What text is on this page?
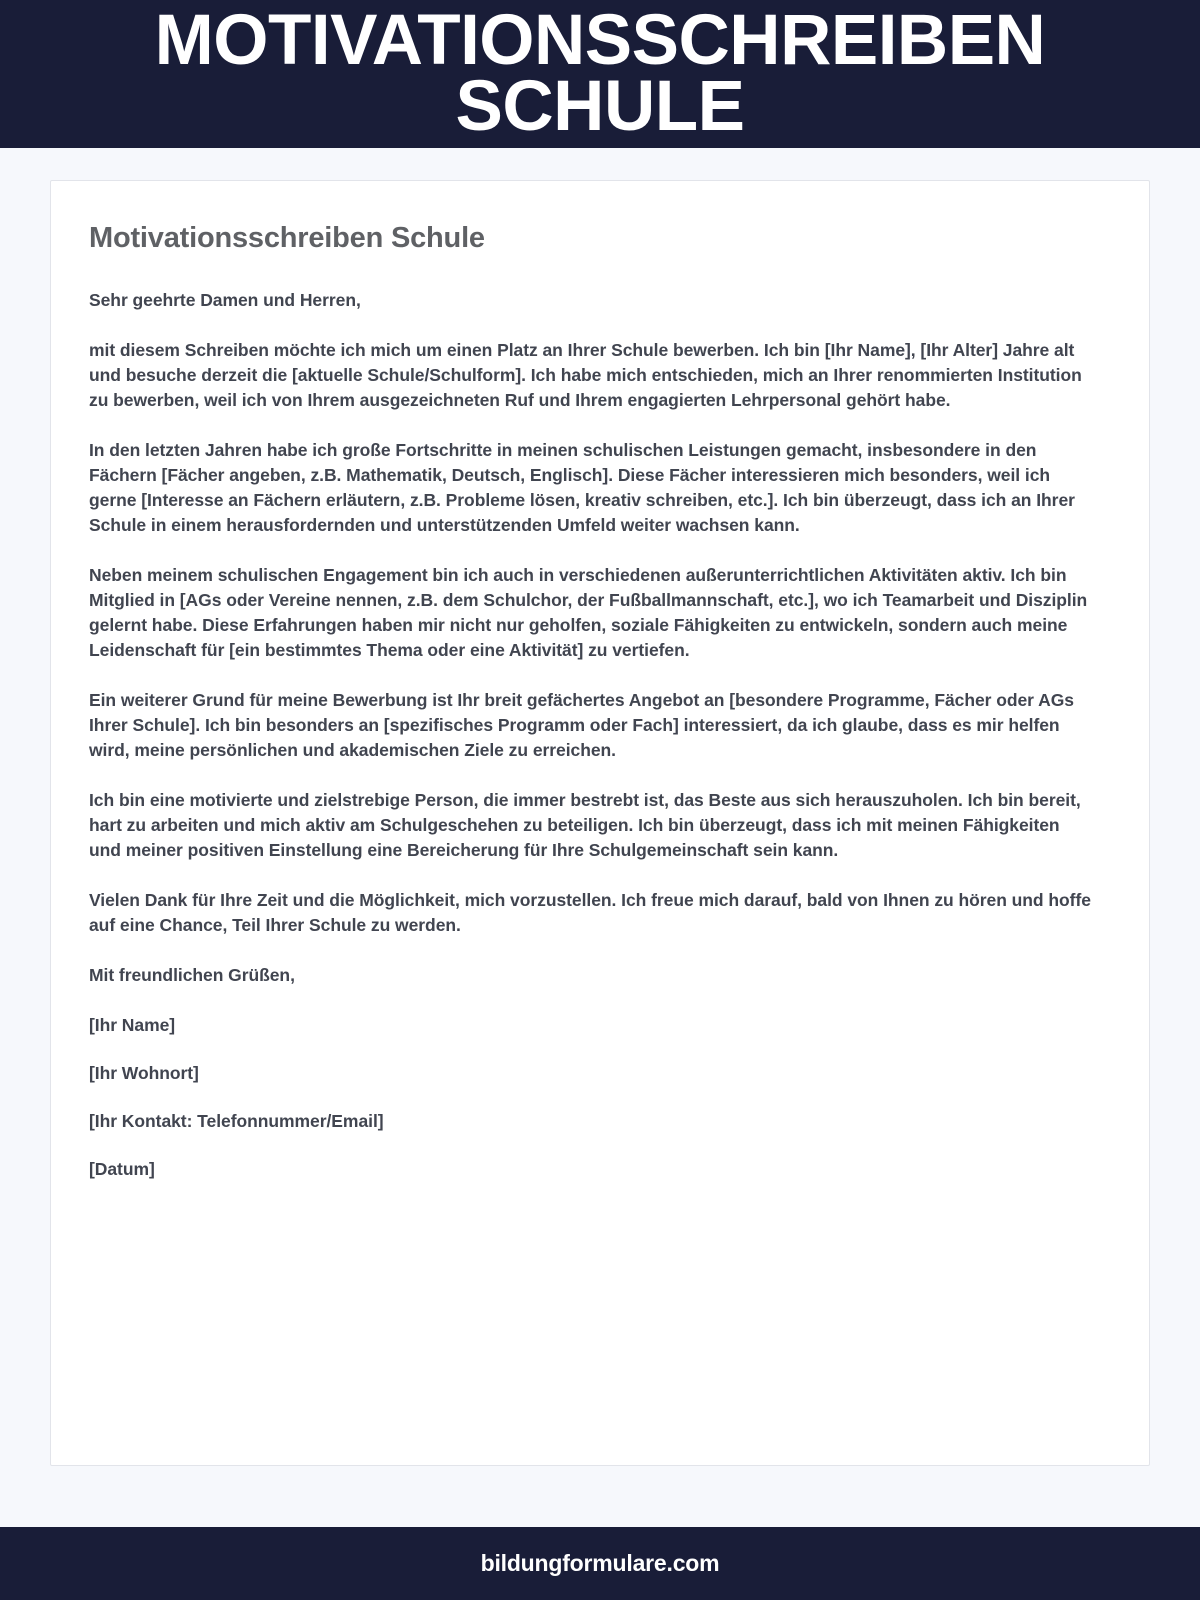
MOTIVATIONSSCHREIBEN SCHULE
Motivationsschreiben Schule

Sehr geehrte Damen und Herren,

mit diesem Schreiben möchte ich mich um einen Platz an Ihrer Schule bewerben. Ich bin [Ihr Name], [Ihr Alter] Jahre alt und besuche derzeit die [aktuelle Schule/Schulform]. Ich habe mich entschieden, mich an Ihrer renommierten Institution zu bewerben, weil ich von Ihrem ausgezeichneten Ruf und Ihrem engagierten Lehrpersonal gehört habe.

In den letzten Jahren habe ich große Fortschritte in meinen schulischen Leistungen gemacht, insbesondere in den Fächern [Fächer angeben, z.B. Mathematik, Deutsch, Englisch]. Diese Fächer interessieren mich besonders, weil ich gerne [Interesse an Fächern erläutern, z.B. Probleme lösen, kreativ schreiben, etc.]. Ich bin überzeugt, dass ich an Ihrer Schule in einem herausfordernden und unterstützenden Umfeld weiter wachsen kann.

Neben meinem schulischen Engagement bin ich auch in verschiedenen außerunterrichtlichen Aktivitäten aktiv. Ich bin Mitglied in [AGs oder Vereine nennen, z.B. dem Schulchor, der Fußballmannschaft, etc.], wo ich Teamarbeit und Disziplin gelernt habe. Diese Erfahrungen haben mir nicht nur geholfen, soziale Fähigkeiten zu entwickeln, sondern auch meine Leidenschaft für [ein bestimmtes Thema oder eine Aktivität] zu vertiefen.

Ein weiterer Grund für meine Bewerbung ist Ihr breit gefächertes Angebot an [besondere Programme, Fächer oder AGs Ihrer Schule]. Ich bin besonders an [spezifisches Programm oder Fach] interessiert, da ich glaube, dass es mir helfen wird, meine persönlichen und akademischen Ziele zu erreichen.

Ich bin eine motivierte und zielstrebige Person, die immer bestrebt ist, das Beste aus sich herauszuholen. Ich bin bereit, hart zu arbeiten und mich aktiv am Schulgeschehen zu beteiligen. Ich bin überzeugt, dass ich mit meinen Fähigkeiten und meiner positiven Einstellung eine Bereicherung für Ihre Schulgemeinschaft sein kann.

Vielen Dank für Ihre Zeit und die Möglichkeit, mich vorzustellen. Ich freue mich darauf, bald von Ihnen zu hören und hoffe auf eine Chance, Teil Ihrer Schule zu werden.

Mit freundlichen Grüßen,

[Ihr Name]

[Ihr Wohnort]

[Ihr Kontakt: Telefonnummer/Email]

[Datum]

bildungformulare.com
